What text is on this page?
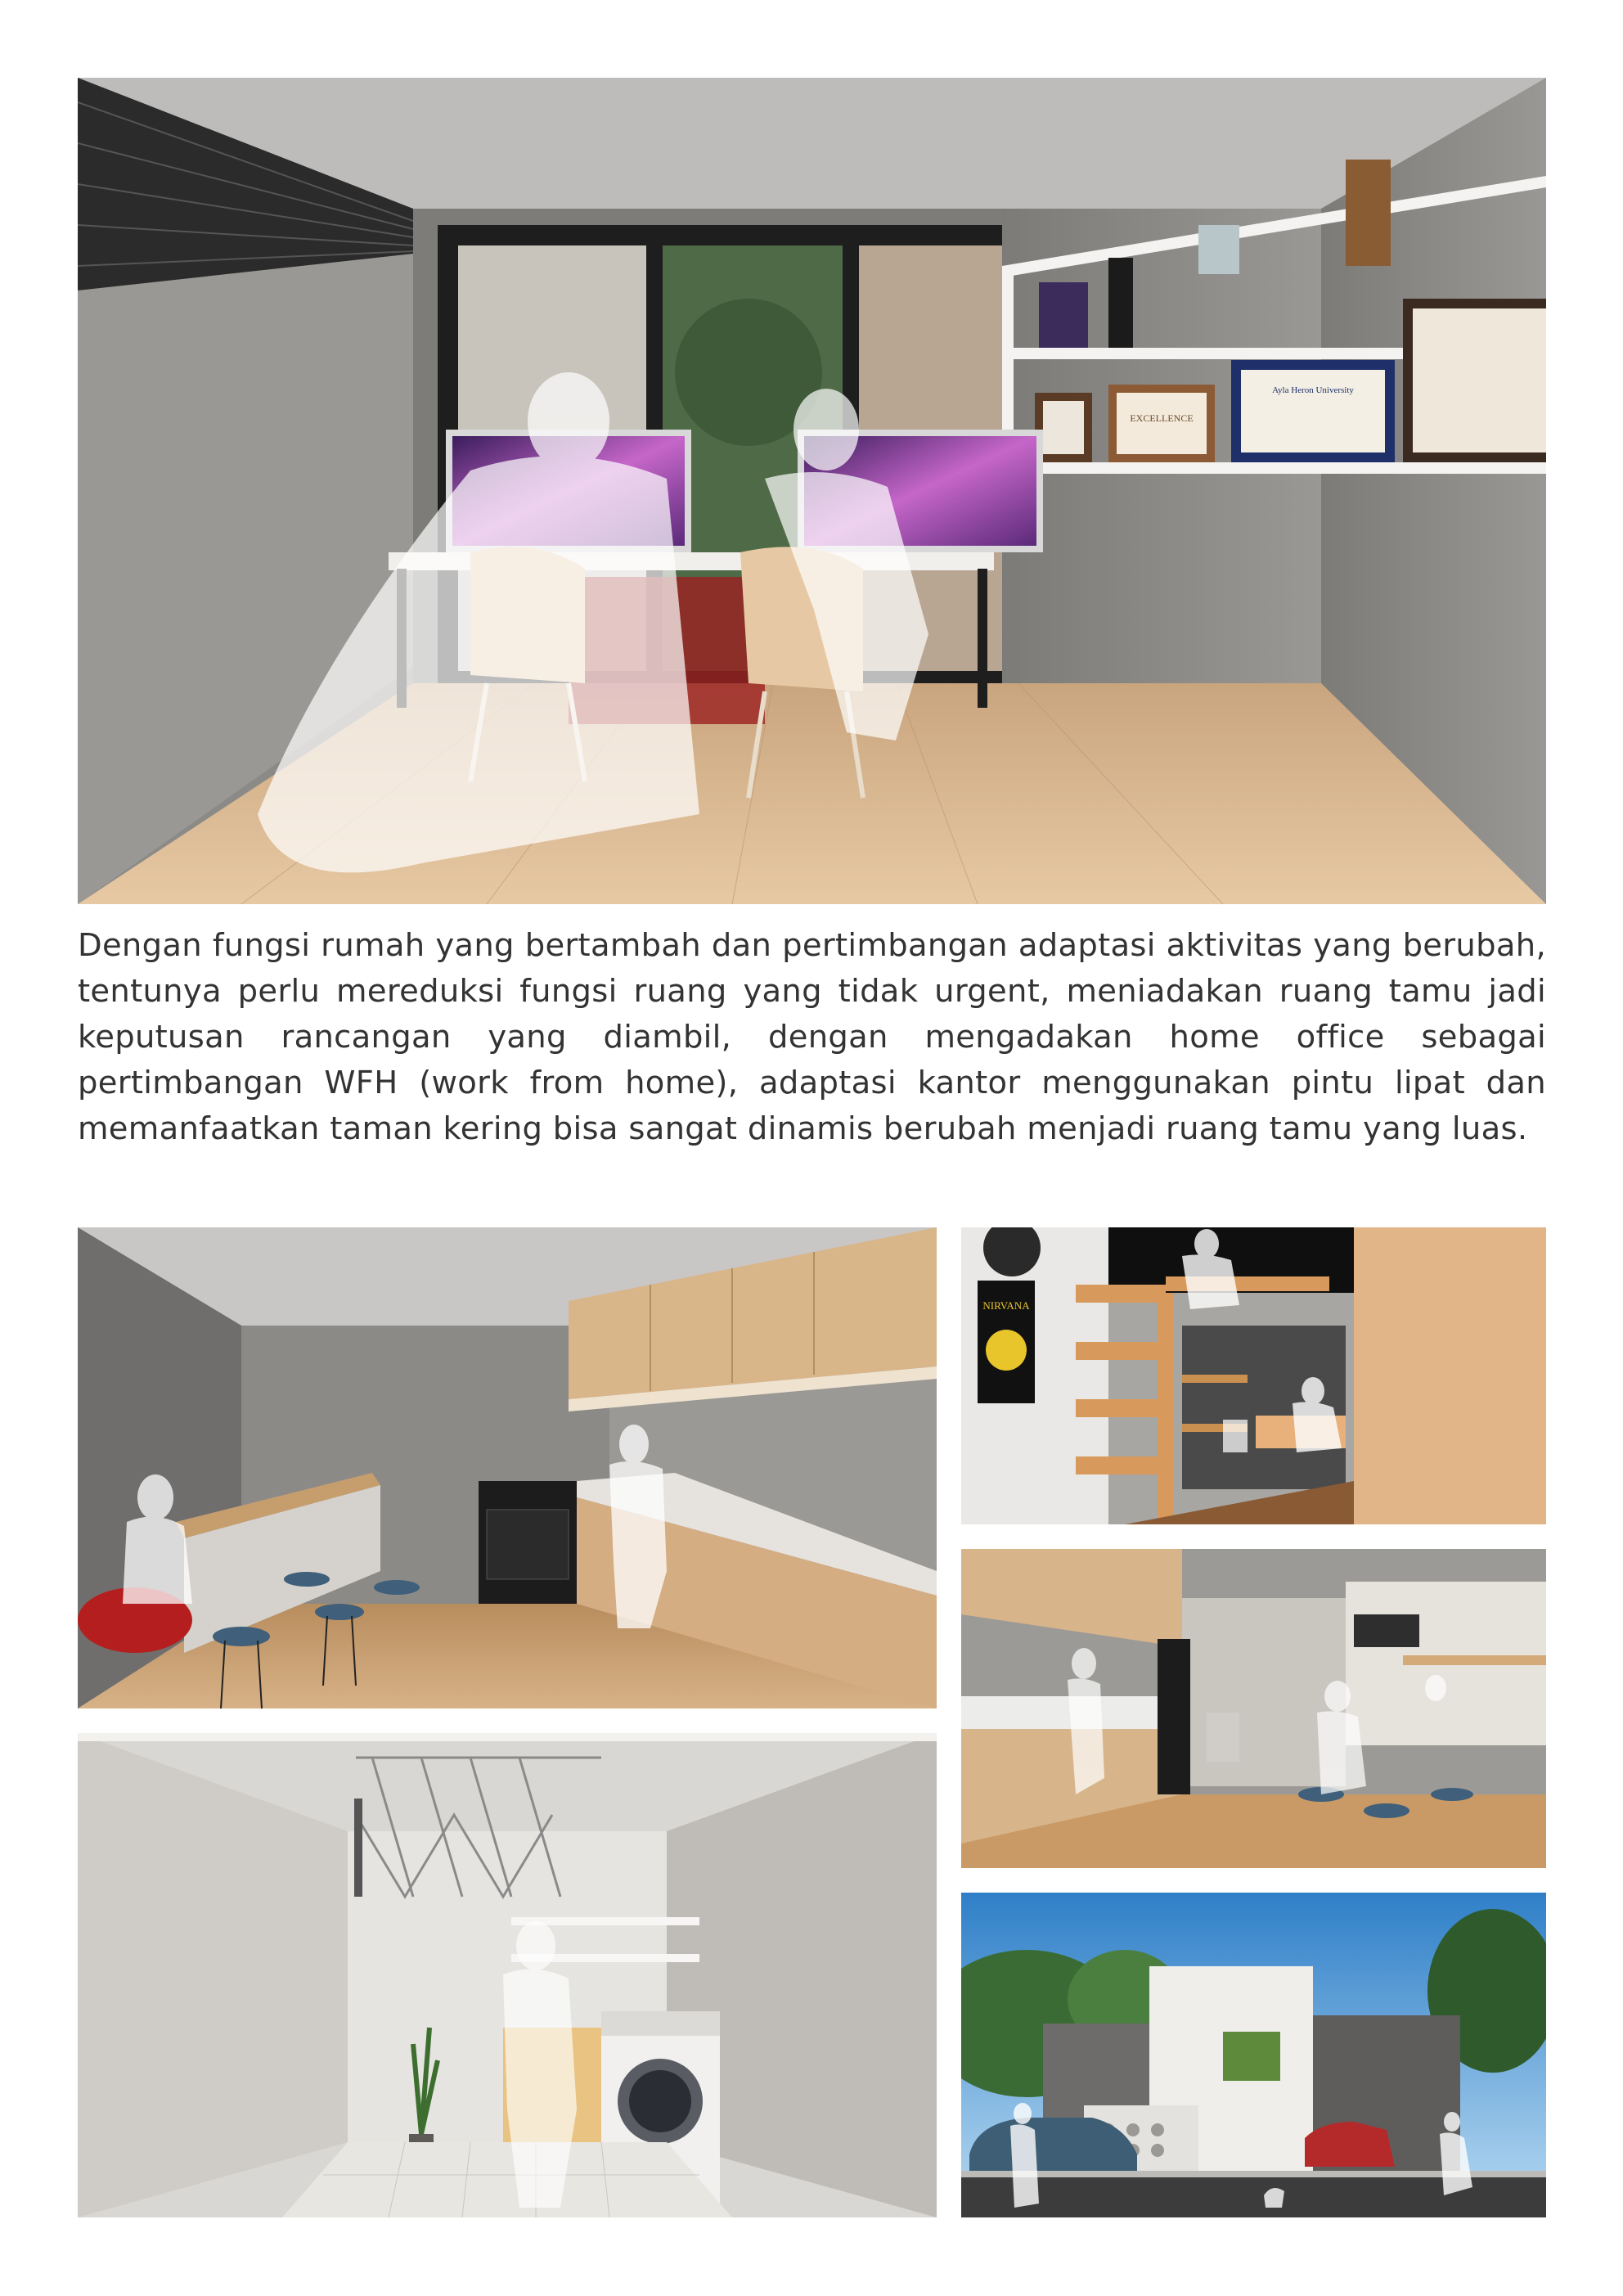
EXCELLENCE
Ayla Heron University

Dengan fungsi rumah yang bertambah dan pertimbangan adaptasi aktivitas yang berubah, tentunya perlu mereduksi fungsi ruang yang tidak urgent, meniadakan ruang tamu jadi keputusan rancangan yang diambil, dengan mengadakan home office sebagai pertimbangan WFH (work from home), adaptasi kantor menggunakan pintu lipat dan memanfaatkan taman kering bisa sangat dinamis berubah menjadi ruang tamu yang luas.

NIRVANA
